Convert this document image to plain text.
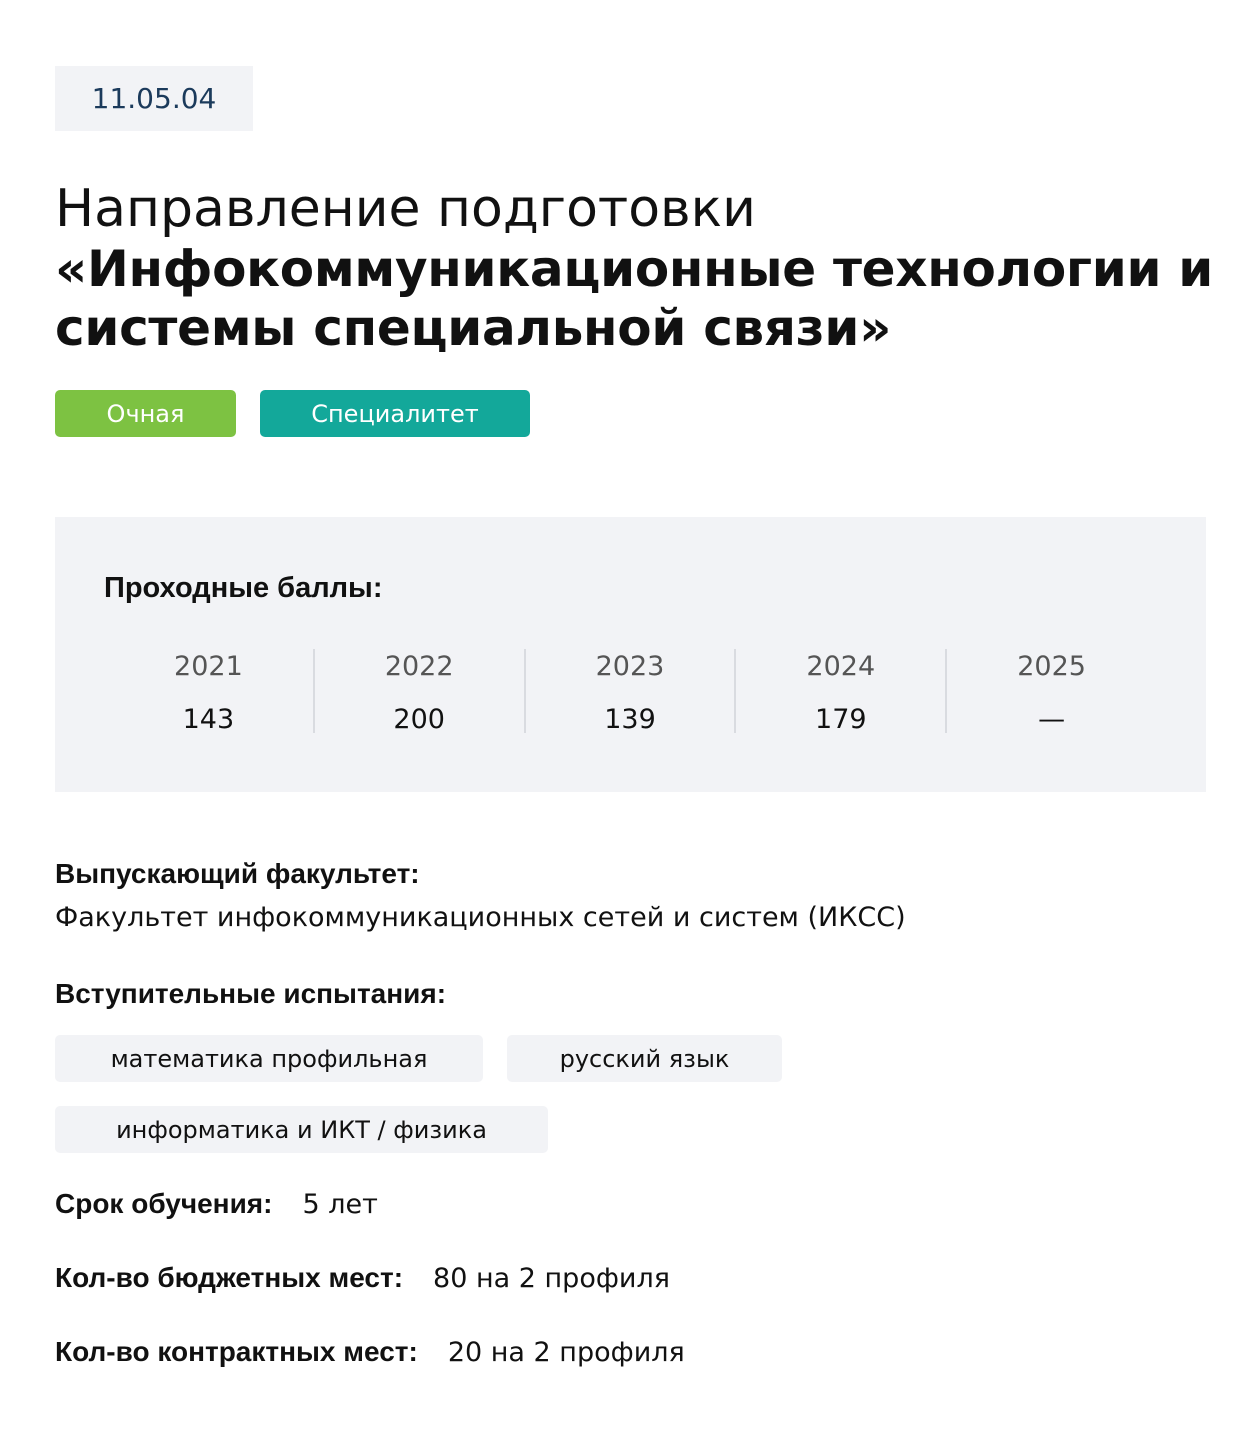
11.05.04
Направление подготовки
«Инфокоммуникационные технологии и системы специальной связи»
Очная	Специалитет
Проходные баллы:
2021
143
2022
200
2023
139
2024
179
2025
—
Выпускающий факультет:
Факультет инфокоммуникационных сетей и систем (ИКСС)
Вступительные испытания:
математика профильная	русский язык
информатика и ИКТ / физика
Срок обучения: 5 лет
Кол-во бюджетных мест: 80 на 2 профиля
Кол-во контрактных мест: 20 на 2 профиля
